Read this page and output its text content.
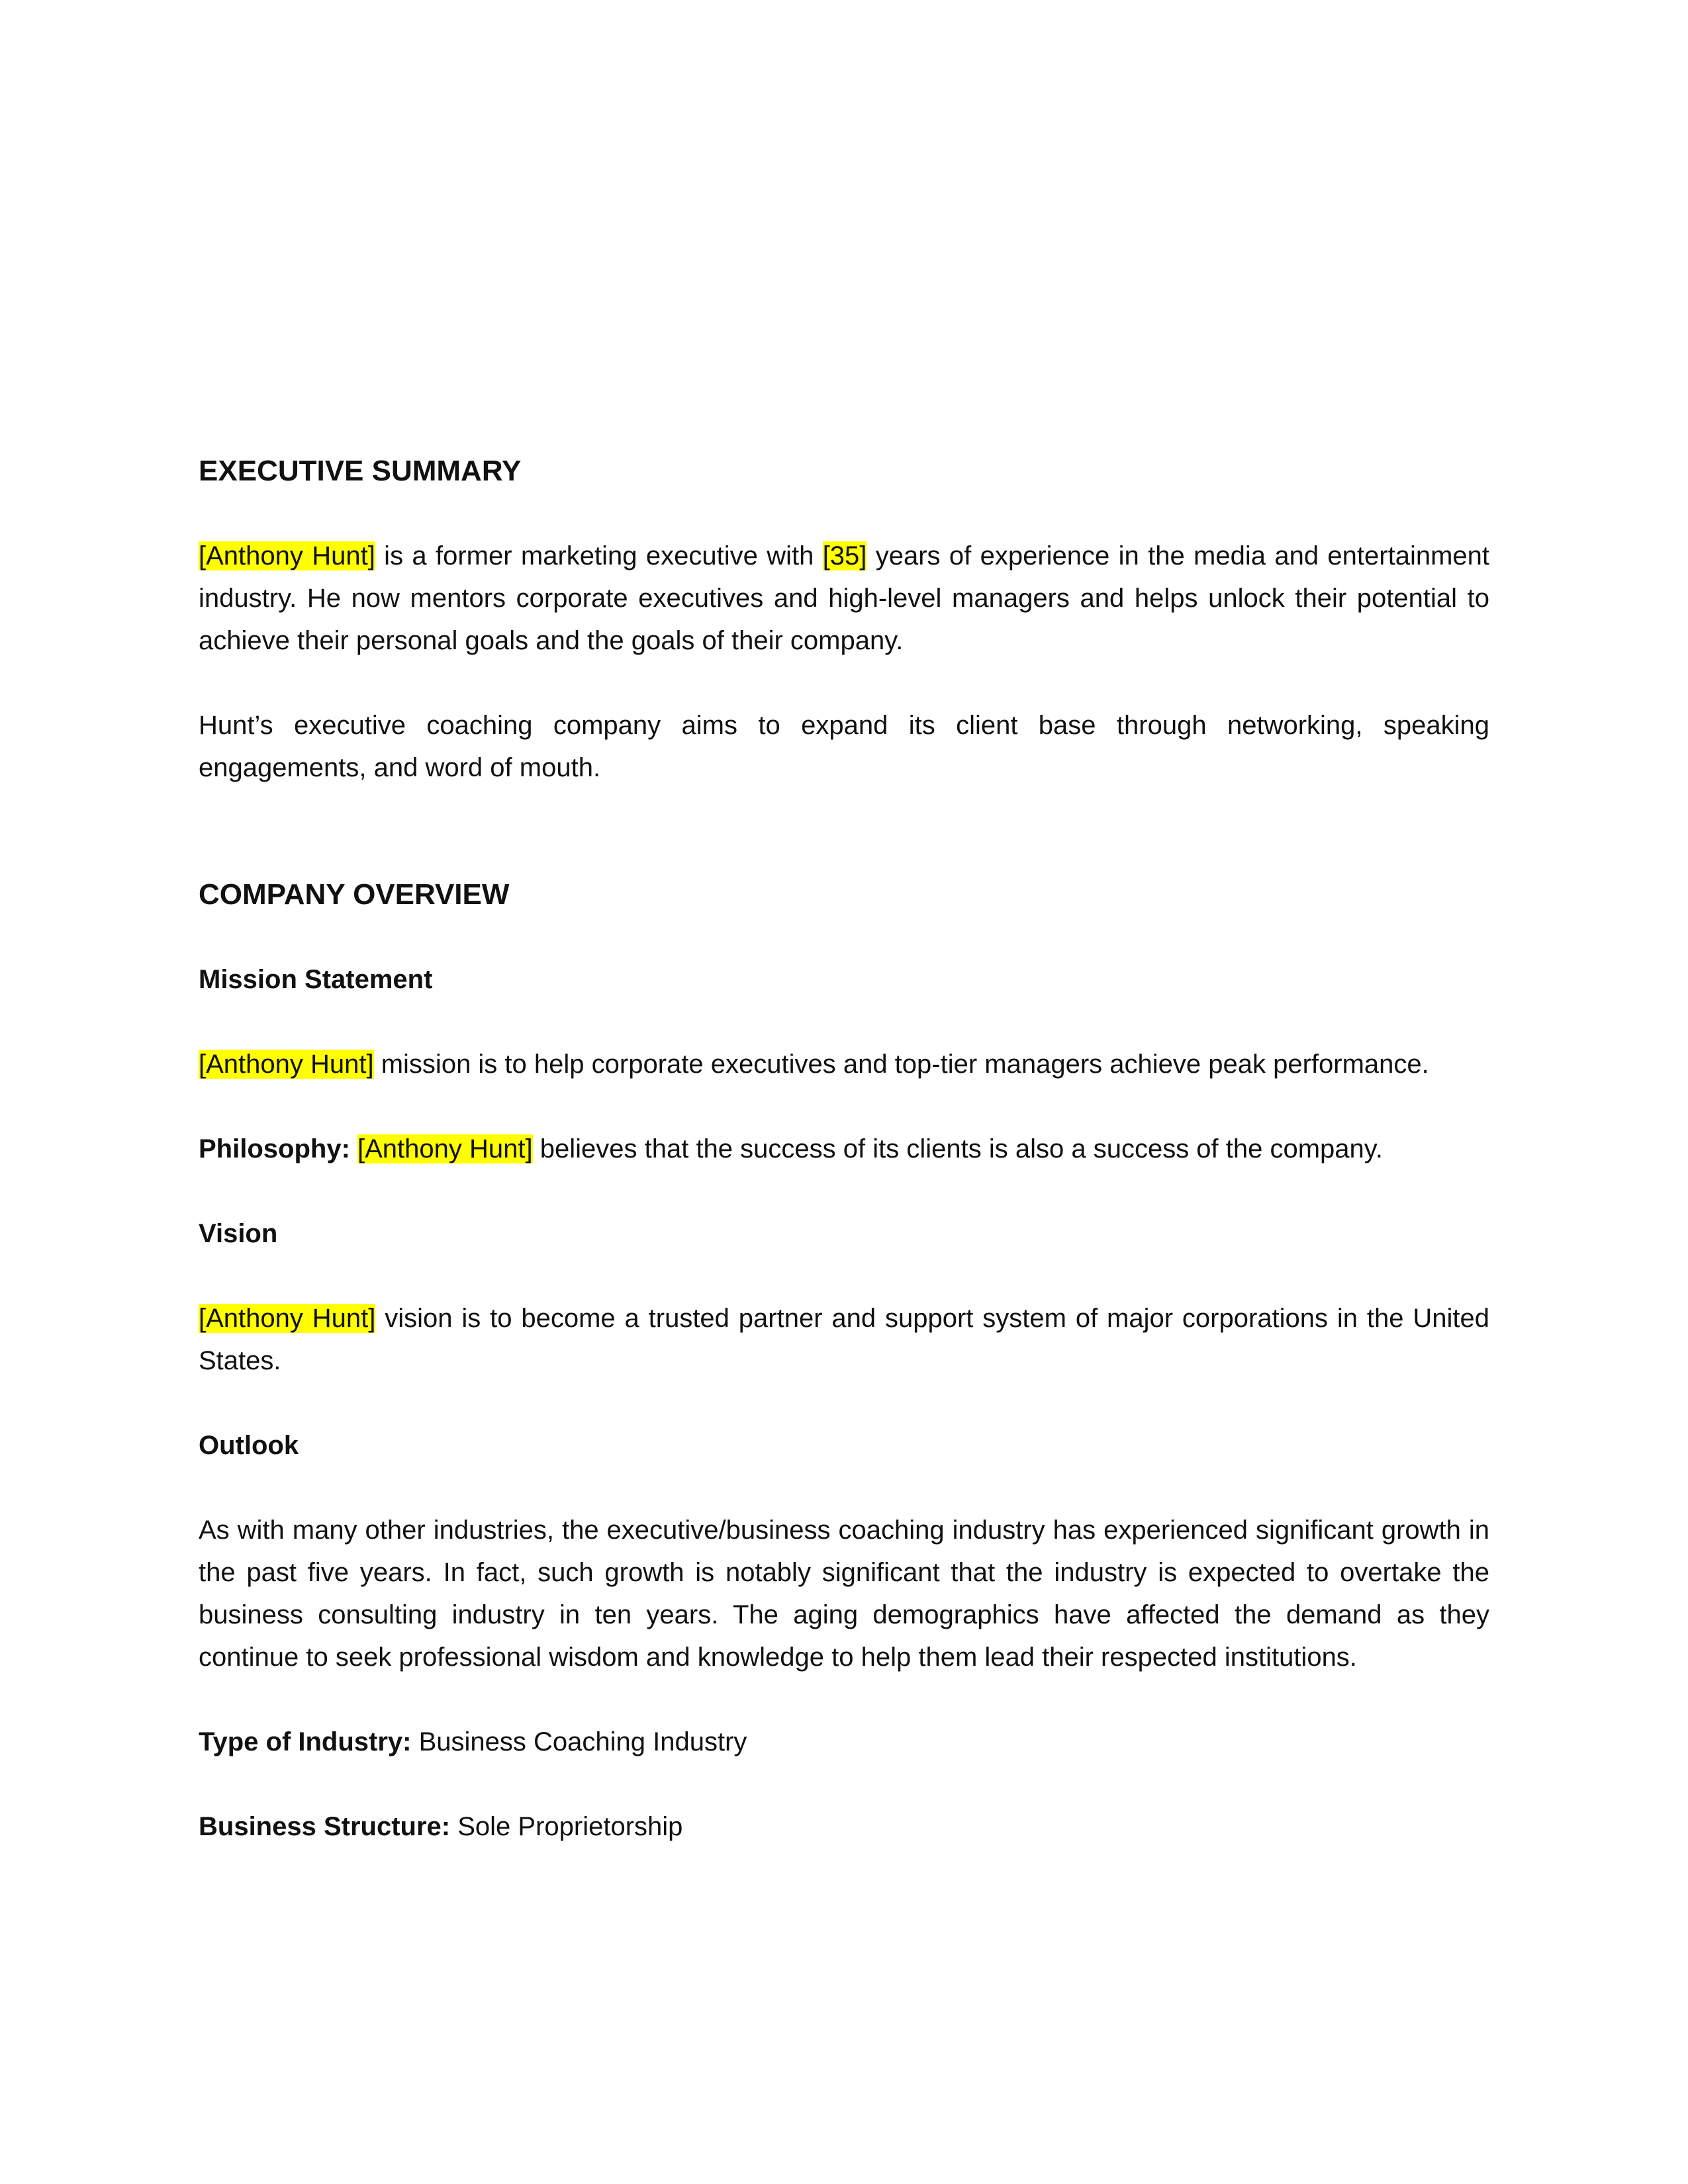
EXECUTIVE SUMMARY

[Anthony Hunt] is a former marketing executive with [35] years of experience in the media and entertainment industry. He now mentors corporate executives and high-level managers and helps unlock their potential to achieve their personal goals and the goals of their company.

Hunt’s executive coaching company aims to expand its client base through networking, speaking engagements, and word of mouth.

COMPANY OVERVIEW
Mission Statement

[Anthony Hunt] mission is to help corporate executives and top-tier managers achieve peak performance.

Philosophy: [Anthony Hunt] believes that the success of its clients is also a success of the company.

Vision

[Anthony Hunt] vision is to become a trusted partner and support system of major corporations in the United States.

Outlook

As with many other industries, the executive/business coaching industry has experienced significant growth in the past five years. In fact, such growth is notably significant that the industry is expected to overtake the business consulting industry in ten years. The aging demographics have affected the demand as they continue to seek professional wisdom and knowledge to help them lead their respected institutions.

Type of Industry: Business Coaching Industry

Business Structure: Sole Proprietorship
